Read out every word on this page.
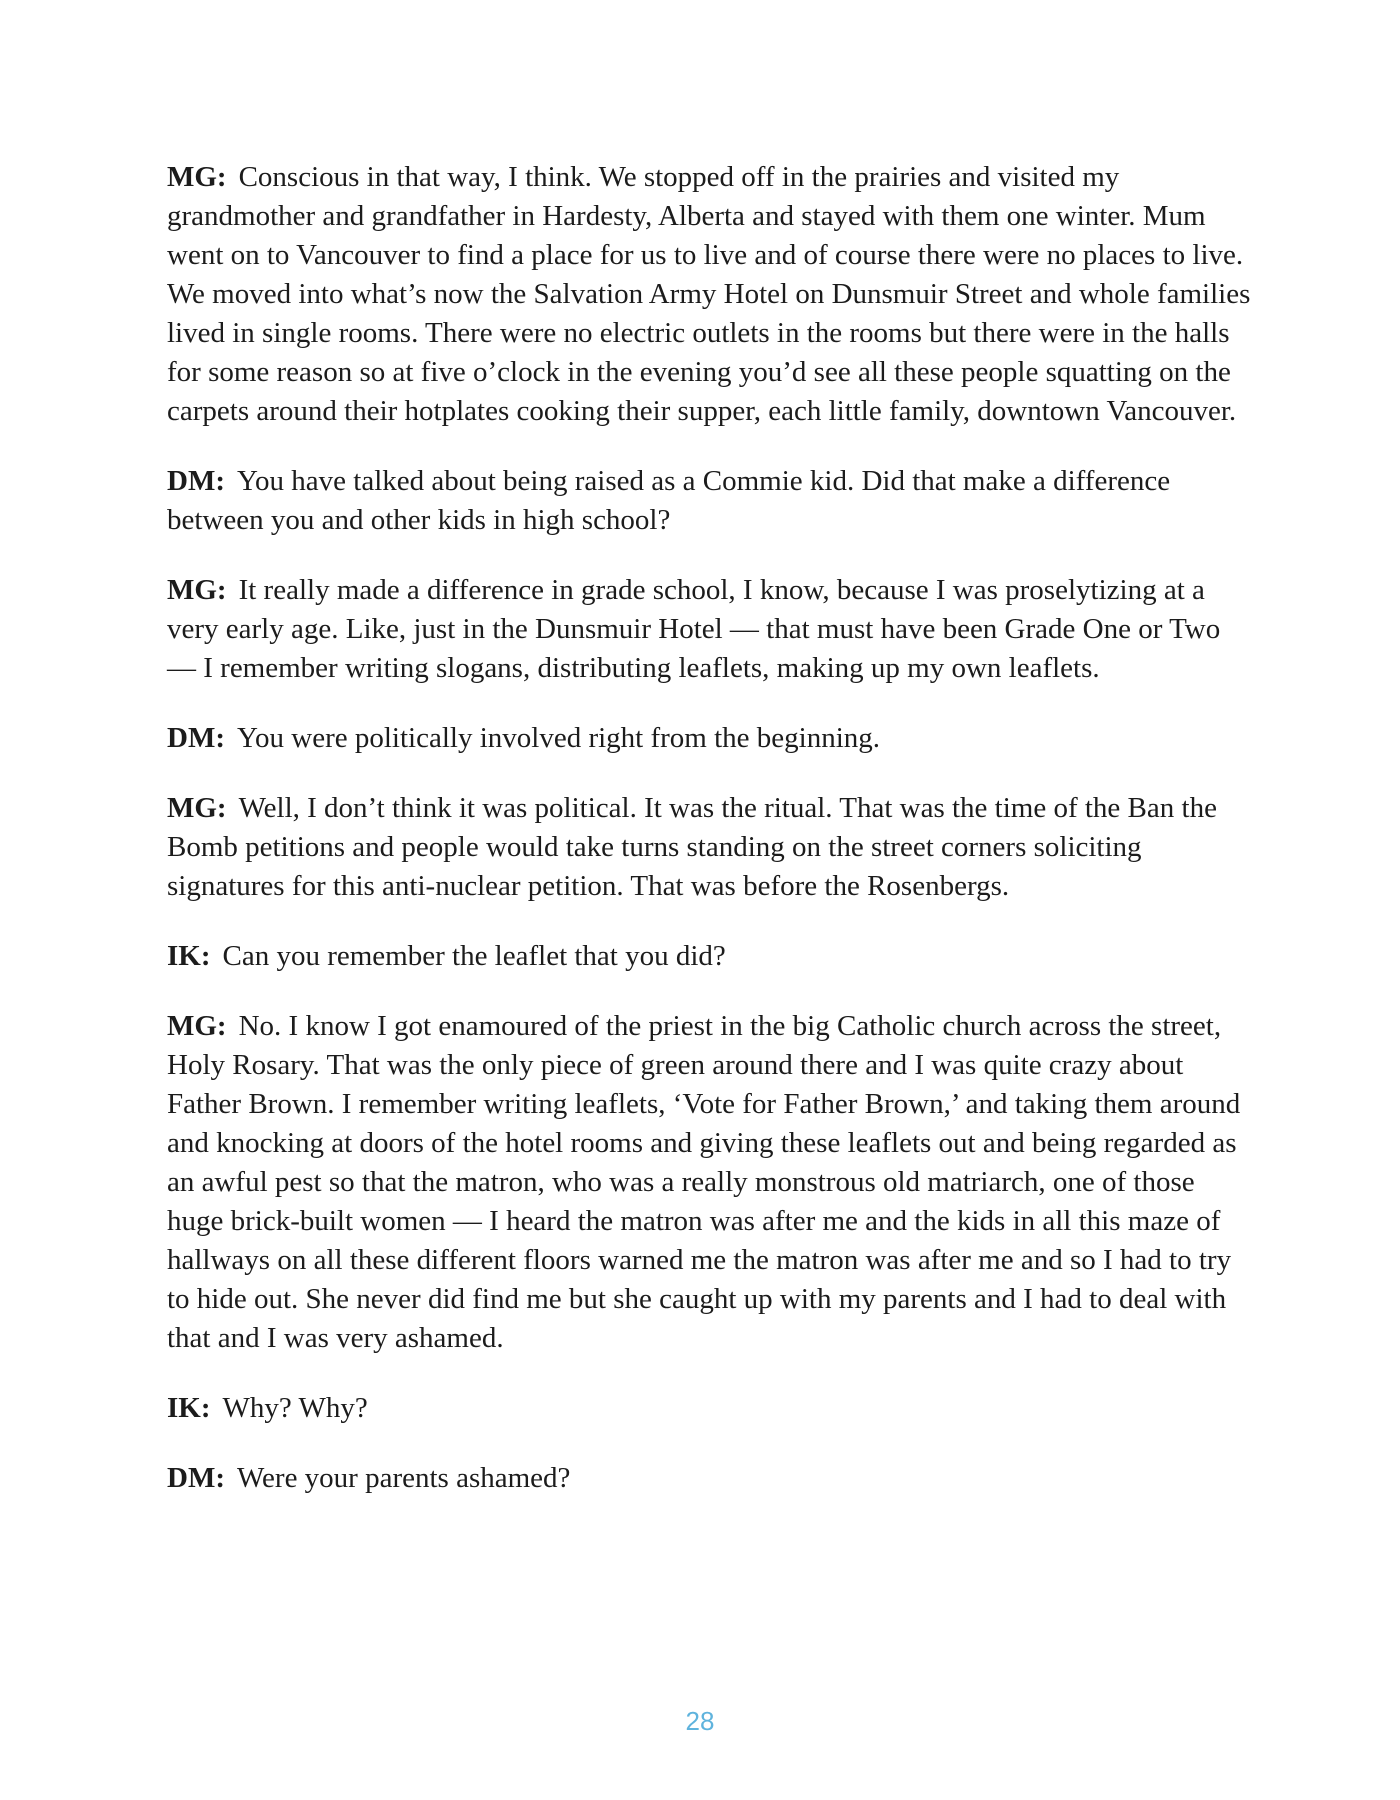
MG: Conscious in that way, I think. We stopped off in the prairies and visited my grandmother and grandfather in Hardesty, Alberta and stayed with them one winter. Mum went on to Vancouver to find a place for us to live and of course there were no places to live. We moved into what’s now the Salvation Army Hotel on Dunsmuir Street and whole families lived in single rooms. There were no electric outlets in the rooms but there were in the halls for some reason so at five o’clock in the evening you’d see all these people squatting on the carpets around their hotplates cooking their supper, each little family, downtown Vancouver.

DM: You have talked about being raised as a Commie kid. Did that make a difference between you and other kids in high school?

MG: It really made a difference in grade school, I know, because I was proselytizing at a very early age. Like, just in the Dunsmuir Hotel — that must have been Grade One or Two — I remember writing slogans, distributing leaflets, making up my own leaflets.

DM: You were politically involved right from the beginning.

MG: Well, I don’t think it was political. It was the ritual. That was the time of the Ban the Bomb petitions and people would take turns standing on the street corners soliciting signatures for this anti-nuclear petition. That was before the Rosenbergs.

IK: Can you remember the leaflet that you did?

MG: No. I know I got enamoured of the priest in the big Catholic church across the street, Holy Rosary. That was the only piece of green around there and I was quite crazy about Father Brown. I remember writing leaflets, ‘Vote for Father Brown,’ and taking them around and knocking at doors of the hotel rooms and giving these leaflets out and being regarded as an awful pest so that the matron, who was a really monstrous old matriarch, one of those huge brick-built women — I heard the matron was after me and the kids in all this maze of hallways on all these different floors warned me the matron was after me and so I had to try to hide out. She never did find me but she caught up with my parents and I had to deal with that and I was very ashamed.

IK: Why? Why?

DM: Were your parents ashamed?

28
